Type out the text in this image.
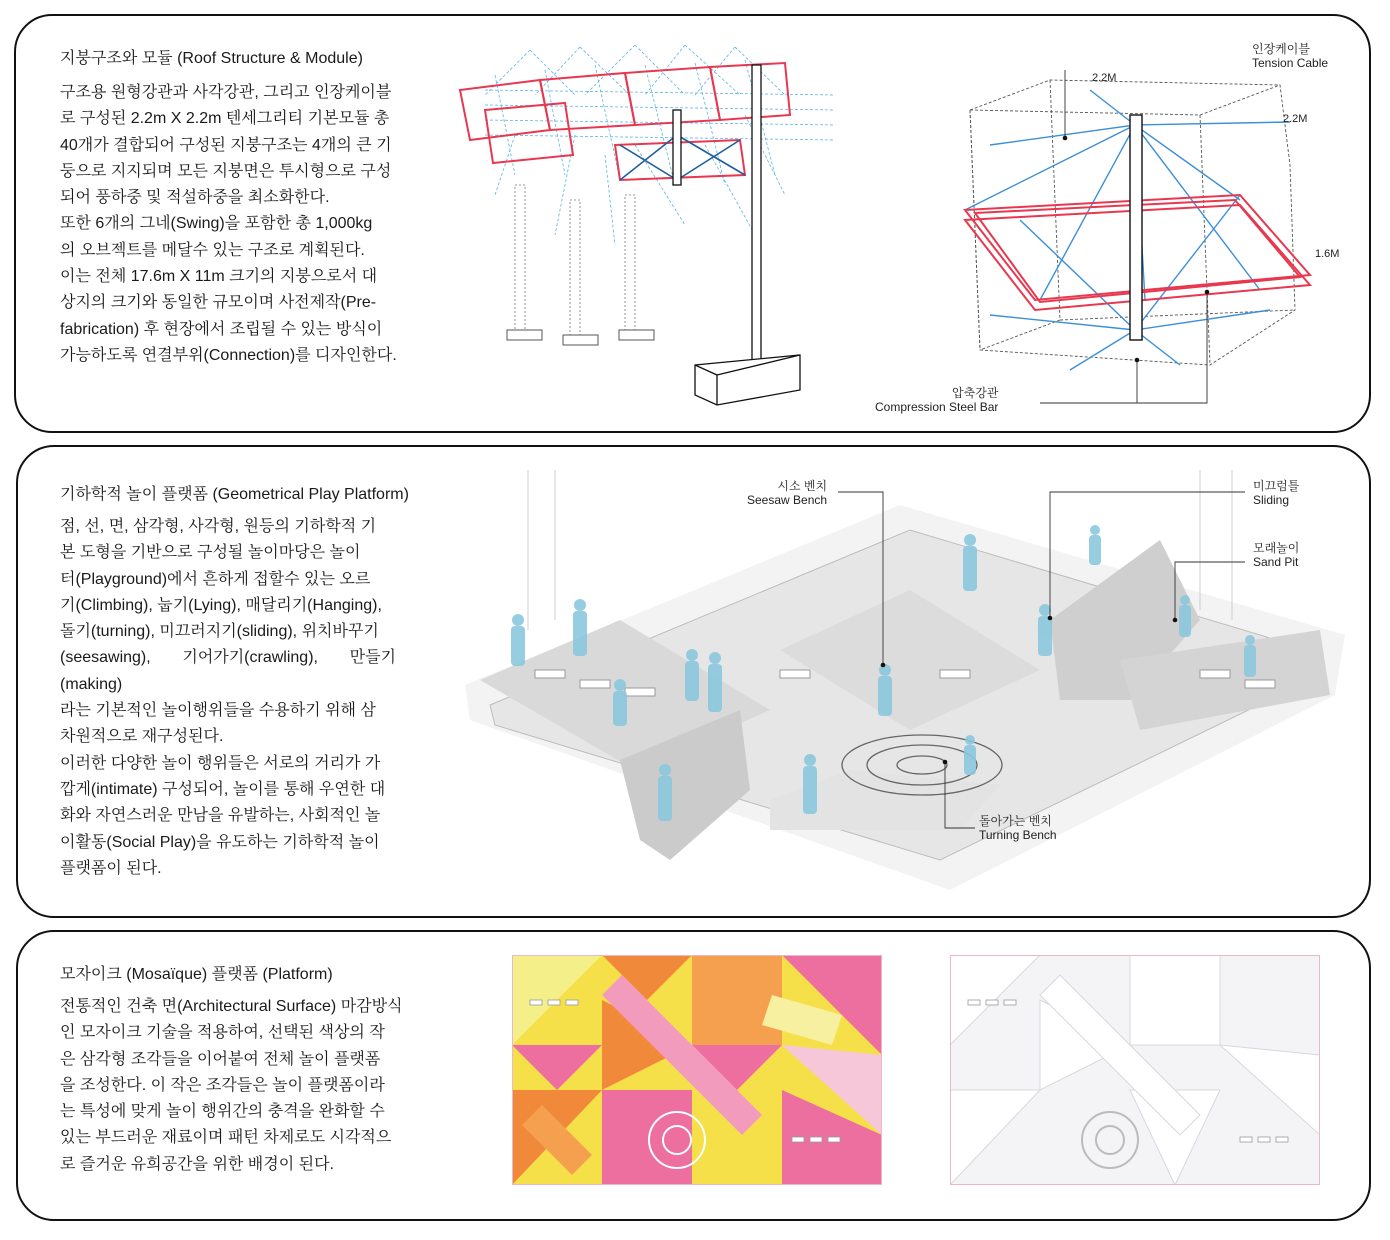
지붕구조와 모듈 (Roof Structure & Module)
구조용 원형강관과 사각강관, 그리고 인장케이블
로 구성된 2.2m X 2.2m 텐세그리티 기본모듈 총
40개가 결합되어 구성된 지붕구조는 4개의 큰 기
둥으로 지지되며 모든 지붕면은 투시형으로 구성
되어 풍하중 및 적설하중을 최소화한다.
또한 6개의 그네(Swing)을 포함한 총 1,000kg
의 오브젝트를 메달수 있는 구조로 계획된다.
이는 전체 17.6m X 11m 크기의 지붕으로서 대
상지의 크기와 동일한 규모이며 사전제작(Pre-
fabrication) 후 현장에서 조립될 수 있는 방식이
가능하도록 연결부위(Connection)를 디자인한다.
인장케이블
Tension Cable
2.2M
2.2M
1.6M
압축강관
Compression Steel Bar
기하학적 놀이 플랫폼 (Geometrical Play Platform)
점, 선, 면, 삼각형, 사각형, 원등의 기하학적 기
본 도형을 기반으로 구성될 놀이마당은 놀이
터(Playground)에서 흔하게 접할수 있는 오르
기(Climbing), 눕기(Lying), 매달리기(Hanging),
돌기(turning), 미끄러지기(sliding), 위치바꾸기
(seesawing), 기어가기(crawling), 만들기(making)
라는 기본적인 놀이행위들을 수용하기 위해 삼
차원적으로 재구성된다.
이러한 다양한 놀이 행위들은 서로의 거리가 가
깝게(intimate) 구성되어, 놀이를 통해 우연한 대
화와 자연스러운 만남을 유발하는, 사회적인 놀
이활동(Social Play)을 유도하는 기하학적 놀이
플랫폼이 된다.
시소 벤치
Seesaw Bench
미끄럼틀
Sliding
모래놀이
Sand Pit
돌아가는 벤치
Turning Bench
모자이크 (Mosaïque) 플랫폼 (Platform)
전통적인 건축 면(Architectural Surface) 마감방식
인 모자이크 기술을 적용하여, 선택된 색상의 작
은 삼각형 조각들을 이어붙여 전체 놀이 플랫폼
을 조성한다. 이 작은 조각들은 놀이 플랫폼이라
는 특성에 맞게 놀이 행위간의 충격을 완화할 수
있는 부드러운 재료이며 패턴 차제로도 시각적으
로 즐거운 유희공간을 위한 배경이 된다.
